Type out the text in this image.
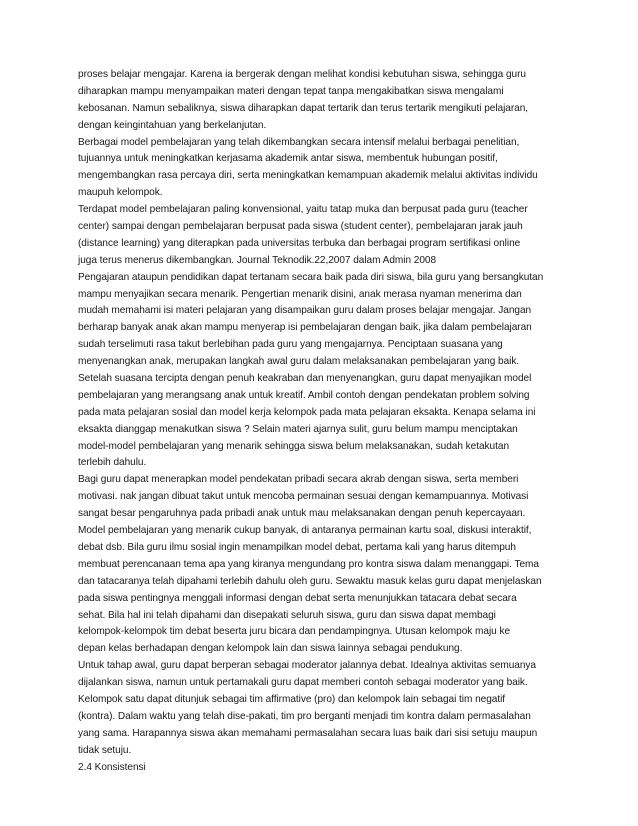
proses belajar mengajar. Karena ia bergerak dengan melihat kondisi kebutuhan siswa, sehingga guru
diharapkan mampu menyampaikan materi dengan tepat tanpa mengakibatkan siswa mengalami
kebosanan. Namun sebaliknya, siswa diharapkan dapat tertarik dan terus tertarik mengikuti pelajaran,
dengan keingintahuan yang berkelanjutan.
Berbagai model pembelajaran yang telah dikembangkan secara intensif melalui berbagai penelitian,
tujuannya untuk meningkatkan kerjasama akademik antar siswa, membentuk hubungan positif,
mengembangkan rasa percaya diri, serta meningkatkan kemampuan akademik melalui aktivitas individu
maupuh kelompok.
Terdapat model pembelajaran paling konvensional, yaitu tatap muka dan berpusat pada guru (teacher
center) sampai dengan pembelajaran berpusat pada siswa (student center), pembelajaran jarak jauh
(distance learning) yang diterapkan pada universitas terbuka dan berbagai program sertifikasi online
juga terus menerus dikembangkan. Journal Teknodik.22,2007 dalam Admin 2008
Pengajaran ataupun pendidikan dapat tertanam secara baik pada diri siswa, bila guru yang bersangkutan
mampu menyajikan secara menarik. Pengertian menarik disini, anak merasa nyaman menerima dan
mudah memahami isi materi pelajaran yang disampaikan guru dalam proses belajar mengajar. Jangan
berharap banyak anak akan mampu menyerap isi pembelajaran dengan baik, jika dalam pembelajaran
sudah terselimuti rasa takut berlebihan pada guru yang mengajarnya. Penciptaan suasana yang
menyenangkan anak, merupakan langkah awal guru dalam melaksanakan pembelajaran yang baik.
Setelah suasana tercipta dengan penuh keakraban dan menyenangkan, guru dapat menyajikan model
pembelajaran yang merangsang anak untuk kreatif. Ambil contoh dengan pendekatan problem solving
pada mata pelajaran sosial dan model kerja kelompok pada mata pelajaran eksakta. Kenapa selama ini
eksakta dianggap menakutkan siswa ? Selain materi ajarnya sulit, guru belum mampu menciptakan
model-model pembelajaran yang menarik sehingga siswa belum melaksanakan, sudah ketakutan
terlebih dahulu.
Bagi guru dapat menerapkan model pendekatan pribadi secara akrab dengan siswa, serta memberi
motivasi. nak jangan dibuat takut untuk mencoba permainan sesuai dengan kemampuannya. Motivasi
sangat besar pengaruhnya pada pribadi anak untuk mau melaksanakan dengan penuh kepercayaan.
Model pembelajaran yang menarik cukup banyak, di antaranya permainan kartu soal, diskusi interaktif,
debat dsb. Bila guru ilmu sosial ingin menampilkan model debat, pertama kali yang harus ditempuh
membuat perencanaan tema apa yang kiranya mengundang pro kontra siswa dalam menanggapi. Tema
dan tatacaranya telah dipahami terlebih dahulu oleh guru. Sewaktu masuk kelas guru dapat menjelaskan
pada siswa pentingnya menggali informasi dengan debat serta menunjukkan tatacara debat secara
sehat. Bila hal ini telah dipahami dan disepakati seluruh siswa, guru dan siswa dapat membagi
kelompok-kelompok tim debat beserta juru bicara dan pendampingnya. Utusan kelompok maju ke
depan kelas berhadapan dengan kelompok lain dan siswa lainnya sebagai pendukung.
Untuk tahap awal, guru dapat berperan sebagai moderator jalannya debat. Idealnya aktivitas semuanya
dijalankan siswa, namun untuk pertamakali guru dapat memberi contoh sebagai moderator yang baik.
Kelompok satu dapat ditunjuk sebagai tim affirmative (pro) dan kelompok lain sebagai tim negatif
(kontra). Dalam waktu yang telah dise-pakati, tim pro berganti menjadi tim kontra dalam permasalahan
yang sama. Harapannya siswa akan memahami permasalahan secara luas baik dari sisi setuju maupun
tidak setuju.
2.4 Konsistensi
